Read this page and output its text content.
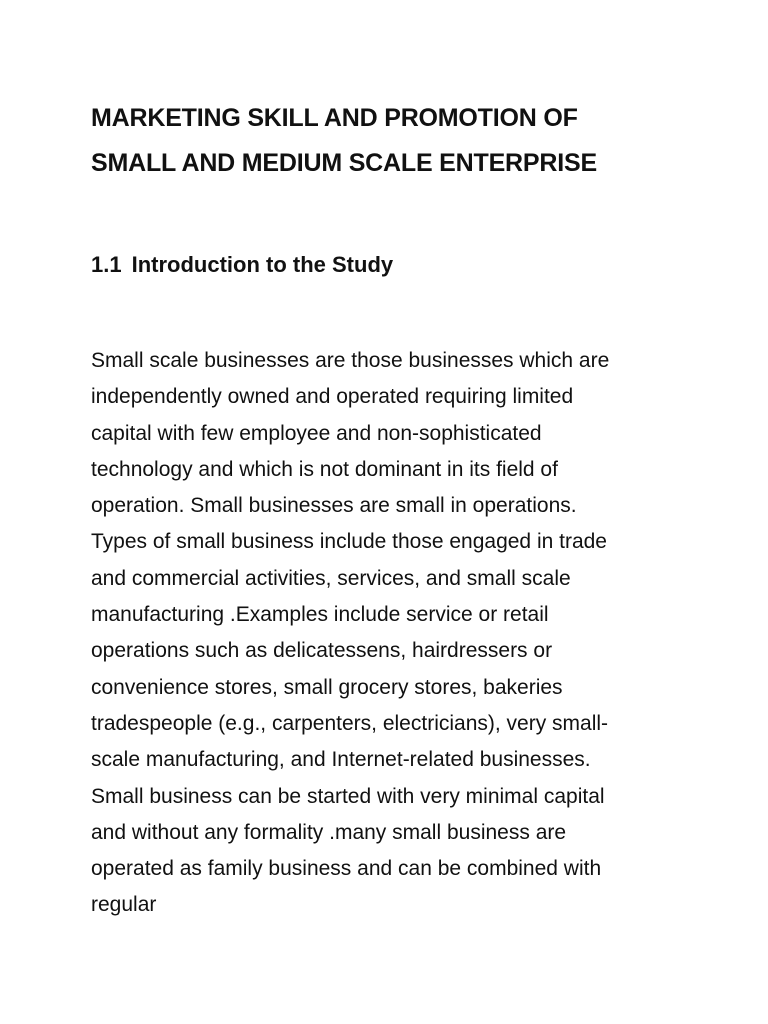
MARKETING SKILL AND PROMOTION OF
SMALL AND MEDIUM SCALE ENTERPRISE
1.1 Introduction to the Study

Small scale businesses are those businesses which are
independently owned and operated requiring limited
capital with few employee and non-sophisticated
technology and which is not dominant in its field of
operation. Small businesses are small in operations.
Types of small business include those engaged in trade
and commercial activities, services, and small scale
manufacturing .Examples include service or retail
operations such as delicatessens, hairdressers or
convenience stores, small grocery stores, bakeries
tradespeople (e.g., carpenters, electricians), very small-
scale manufacturing, and Internet-related businesses.
Small business can be started with very minimal capital
and without any formality .many small business are
operated as family business and can be combined with
regular
